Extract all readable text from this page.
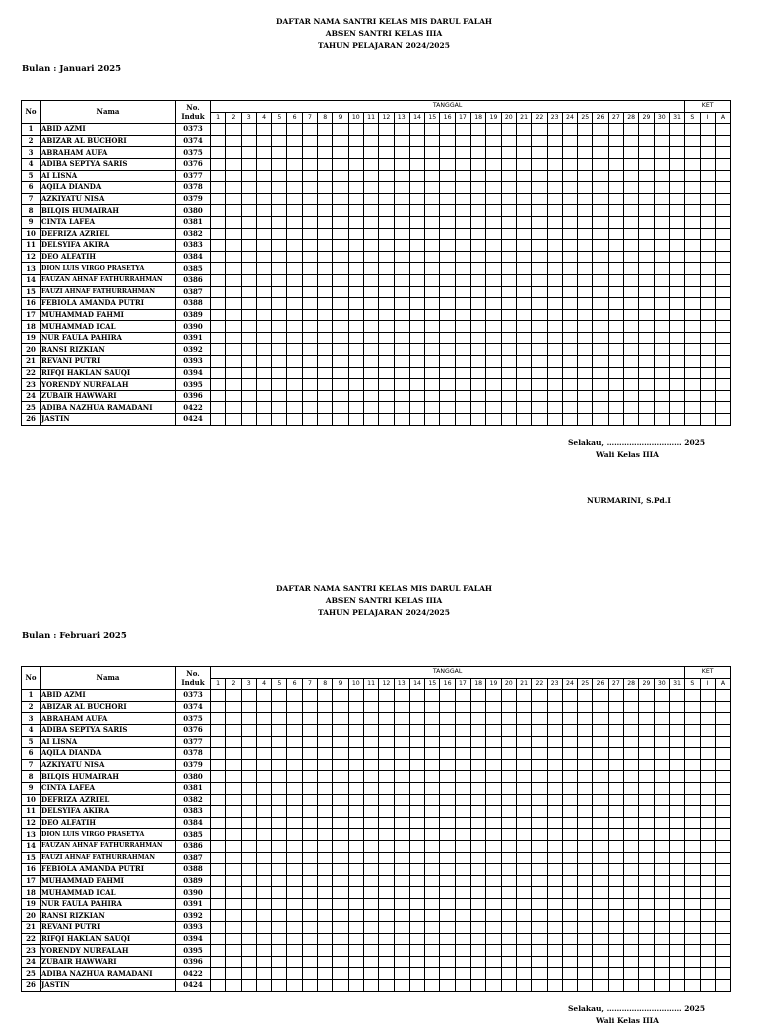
DAFTAR NAMA SANTRI KELAS MIS DARUL FALAH
ABSEN SANTRI KELAS IIIA
TAHUN PELAJARAN 2024/2025
Bulan : Januari 2025
No	Nama	No.
Induk	TANGGAL																															KET		
			1	2	3	4	5	6	7	8	9	10	11	12	13	14	15	16	17	18	19	20	21	22	23	24	25	26	27	28	29	30	31	S	I	A
1	ABID AZMI	0373																																		
2	ABIZAR AL BUCHORI	0374																																		
3	ABRAHAM AUFA	0375																																		
4	ADIBA SEPTYA SARIS	0376																																		
5	AI LISNA	0377																																		
6	AQILA DIANDA	0378																																		
7	AZKIYATU NISA	0379																																		
8	BILQIS HUMAIRAH	0380																																		
9	CINTA LAFEA	0381																																		
10	DEFRIZA AZRIEL	0382																																		
11	DELSYIFA AKIRA	0383																																		
12	DEO ALFATIH	0384																																		
13	DION LUIS VIRGO PRASETYA	0385																																		
14	FAUZAN AHNAF FATHURRAHMAN	0386																																		
15	FAUZI AHNAF FATHURRAHMAN	0387																																		
16	FEBIOLA AMANDA PUTRI	0388																																		
17	MUHAMMAD FAHMI	0389																																		
18	MUHAMMAD ICAL	0390																																		
19	NUR FAULA PAHIRA	0391																																		
20	RANSI RIZKIAN	0392																																		
21	REVANI PUTRI	0393																																		
22	RIFQI HAKLAN SAUQI	0394																																		
23	YORENDY NURFALAH	0395																																		
24	ZUBAIR HAWWARI	0396																																		
25	ADIBA NAZHUA RAMADANI	0422																																		
26	JASTIN	0424																																		
Selakau, ………………………… 2025
Wali Kelas IIIA
NURMARINI, S.Pd.I
DAFTAR NAMA SANTRI KELAS MIS DARUL FALAH
ABSEN SANTRI KELAS IIIA
TAHUN PELAJARAN 2024/2025
Bulan : Februari 2025
No	Nama	No.
Induk	TANGGAL																															KET		
			1	2	3	4	5	6	7	8	9	10	11	12	13	14	15	16	17	18	19	20	21	22	23	24	25	26	27	28	29	30	31	S	I	A
1	ABID AZMI	0373																																		
2	ABIZAR AL BUCHORI	0374																																		
3	ABRAHAM AUFA	0375																																		
4	ADIBA SEPTYA SARIS	0376																																		
5	AI LISNA	0377																																		
6	AQILA DIANDA	0378																																		
7	AZKIYATU NISA	0379																																		
8	BILQIS HUMAIRAH	0380																																		
9	CINTA LAFEA	0381																																		
10	DEFRIZA AZRIEL	0382																																		
11	DELSYIFA AKIRA	0383																																		
12	DEO ALFATIH	0384																																		
13	DION LUIS VIRGO PRASETYA	0385																																		
14	FAUZAN AHNAF FATHURRAHMAN	0386																																		
15	FAUZI AHNAF FATHURRAHMAN	0387																																		
16	FEBIOLA AMANDA PUTRI	0388																																		
17	MUHAMMAD FAHMI	0389																																		
18	MUHAMMAD ICAL	0390																																		
19	NUR FAULA PAHIRA	0391																																		
20	RANSI RIZKIAN	0392																																		
21	REVANI PUTRI	0393																																		
22	RIFQI HAKLAN SAUQI	0394																																		
23	YORENDY NURFALAH	0395																																		
24	ZUBAIR HAWWARI	0396																																		
25	ADIBA NAZHUA RAMADANI	0422																																		
26	JASTIN	0424																																		
Selakau, ………………………… 2025
Wali Kelas IIIA
